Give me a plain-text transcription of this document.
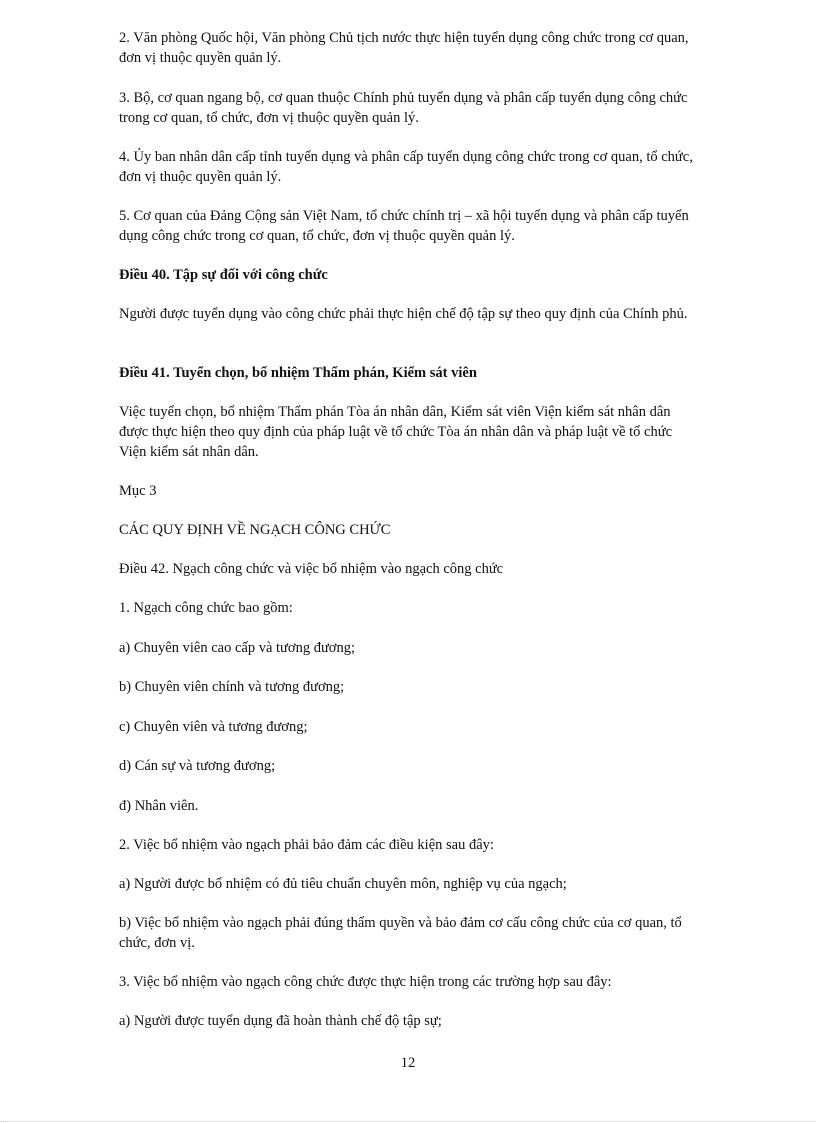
2. Văn phòng Quốc hội, Văn phòng Chủ tịch nước thực hiện tuyển dụng công chức trong cơ quan, đơn vị thuộc quyền quản lý.

3. Bộ, cơ quan ngang bộ, cơ quan thuộc Chính phủ tuyển dụng và phân cấp tuyển dụng công chức trong cơ quan, tổ chức, đơn vị thuộc quyền quản lý.

4. Ủy ban nhân dân cấp tỉnh tuyển dụng và phân cấp tuyển dụng công chức trong cơ quan, tổ chức, đơn vị thuộc quyền quản lý.

5. Cơ quan của Đảng Cộng sản Việt Nam, tổ chức chính trị – xã hội tuyển dụng và phân cấp tuyển dụng công chức trong cơ quan, tổ chức, đơn vị thuộc quyền quản lý.

Điều 40. Tập sự đối với công chức

Người được tuyển dụng vào công chức phải thực hiện chế độ tập sự theo quy định của Chính phủ.

Điều 41. Tuyển chọn, bổ nhiệm Thẩm phán, Kiểm sát viên

Việc tuyển chọn, bổ nhiệm Thẩm phán Tòa án nhân dân, Kiểm sát viên Viện kiểm sát nhân dân được thực hiện theo quy định của pháp luật về tổ chức Tòa án nhân dân và pháp luật về tổ chức Viện kiểm sát nhân dân.

Mục 3

CÁC QUY ĐỊNH VỀ NGẠCH CÔNG CHỨC

Điều 42. Ngạch công chức và việc bổ nhiệm vào ngạch công chức

1. Ngạch công chức bao gồm:

a) Chuyên viên cao cấp và tương đương;

b) Chuyên viên chính và tương đương;

c) Chuyên viên và tương đương;

d) Cán sự và tương đương;

đ) Nhân viên.

2. Việc bổ nhiệm vào ngạch phải bảo đảm các điều kiện sau đây:

a) Người được bổ nhiệm có đủ tiêu chuẩn chuyên môn, nghiệp vụ của ngạch;

b) Việc bổ nhiệm vào ngạch phải đúng thẩm quyền và bảo đảm cơ cấu công chức của cơ quan, tổ chức, đơn vị.

3. Việc bổ nhiệm vào ngạch công chức được thực hiện trong các trường hợp sau đây:

a) Người được tuyển dụng đã hoàn thành chế độ tập sự;

12
